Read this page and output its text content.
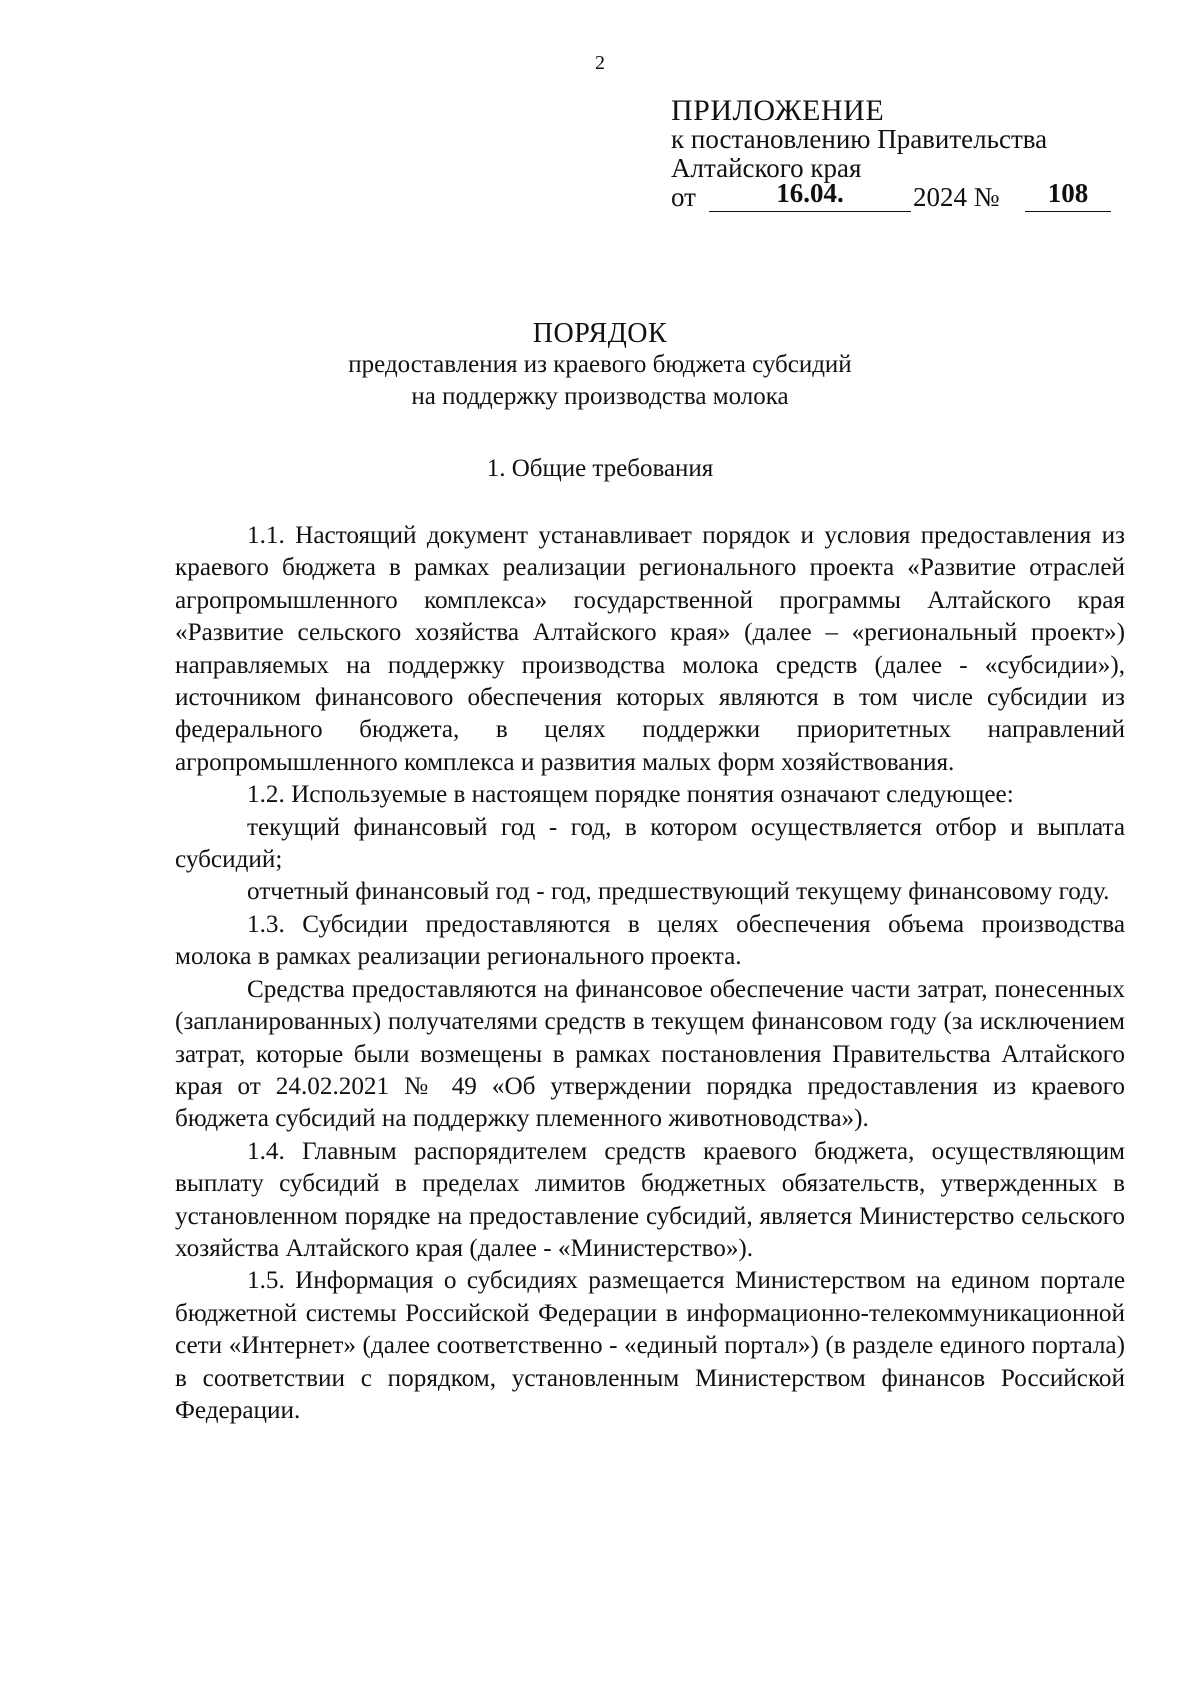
2
ПРИЛОЖЕНИЕ
к постановлению Правительства
Алтайского края
от	16.04.	2024 №	108
ПОРЯДОК
предоставления из краевого бюджета субсидий
на поддержку производства молока
1. Общие требования

1.1. Настоящий документ устанавливает порядок и условия предоставления из краевого бюджета в рамках реализации регионального проекта «Развитие отраслей агропромышленного комплекса» государственной программы Алтайского края «Развитие сельского хозяйства Алтайского края» (далее – «региональный проект») направляемых на поддержку производства молока средств (далее - «субсидии»), источником финансового обеспечения которых являются в том числе субсидии из федерального бюджета, в целях поддержки приоритетных направлений агропромышленного комплекса и развития малых форм хозяйствования.

1.2. Используемые в настоящем порядке понятия означают следующее:

текущий финансовый год - год, в котором осуществляется отбор и выплата субсидий;

отчетный финансовый год - год, предшествующий текущему финансовому году.

1.3. Субсидии предоставляются в целях обеспечения объема производства молока в рамках реализации регионального проекта.

Средства предоставляются на финансовое обеспечение части затрат, понесенных (запланированных) получателями средств в текущем финансовом году (за исключением затрат, которые были возмещены в рамках постановления Правительства Алтайского края от 24.02.2021 № 49 «Об утверждении порядка предоставления из краевого бюджета субсидий на поддержку племенного животноводства»).

1.4. Главным распорядителем средств краевого бюджета, осуществляющим выплату субсидий в пределах лимитов бюджетных обязательств, утвержденных в установленном порядке на предоставление субсидий, является Министерство сельского хозяйства Алтайского края (далее - «Министерство»).

1.5. Информация о субсидиях размещается Министерством на едином портале бюджетной системы Российской Федерации в информационно-телекоммуникационной сети «Интернет» (далее соответственно - «единый портал») (в разделе единого портала) в соответствии с порядком, установленным Министерством финансов Российской Федерации.
